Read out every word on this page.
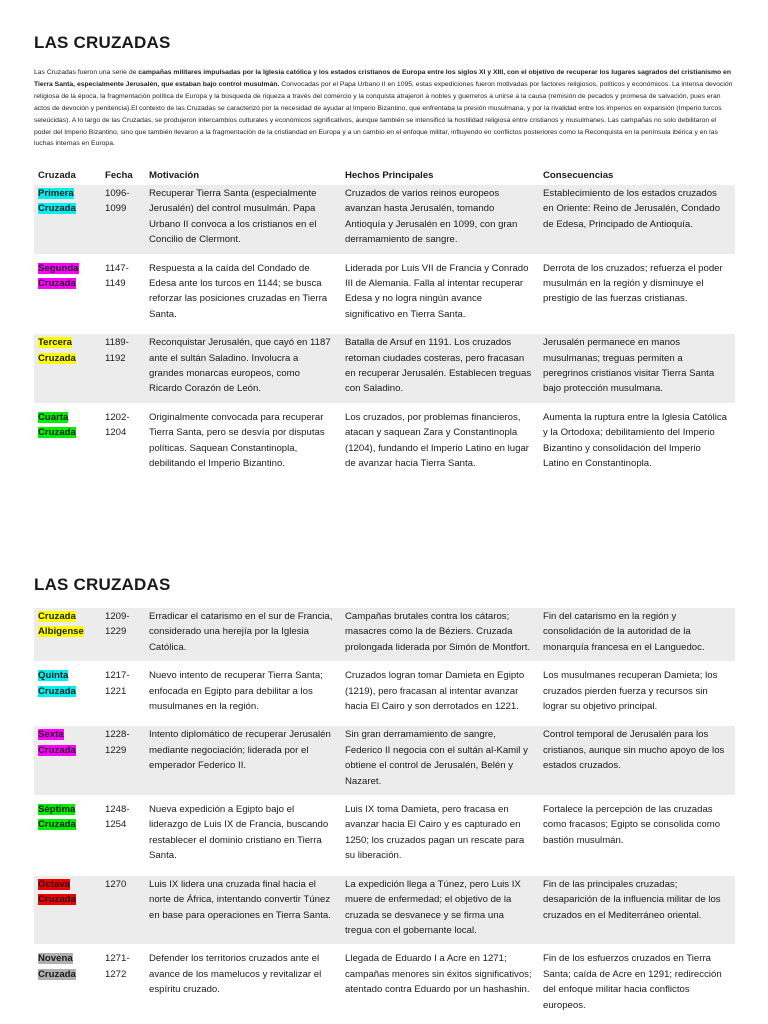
LAS CRUZADAS
Las Cruzadas fueron una serie de campañas militares impulsadas por la Iglesia católica y los estados cristianos de Europa entre los siglos XI y XIII, con el objetivo de recuperar los lugares sagrados del cristianismo en Tierra Santa, especialmente Jerusalén, que estaban bajo control musulmán. Convocadas por el Papa Urbano II en 1095, estas expediciones fueron motivadas por factores religiosos, políticos y económicos. La intensa devoción religiosa de la época, la fragmentación política de Europa y la búsqueda de riqueza a través del comercio y la conquista atrajeron a nobles y guerreros a unirse a la causa (remisión de pecados y promesa de salvación, pues eran actos de devoción y penitencia).El contexto de las Cruzadas se caracterizó por la necesidad de ayudar al Imperio Bizantino, que enfrentaba la presión musulmana, y por la rivalidad entre los imperios en expansión (Imperio turcos seleúcidas). A lo largo de las Cruzadas, se produjeron intercambios culturales y económicos significativos, aunque también se intensificó la hostilidad religiosa entre cristianos y musulmanes. Las campañas no solo debilitaron el poder del Imperio Bizantino, sino que también llevaron a la fragmentación de la cristiandad en Europa y a un cambio en el enfoque militar, influyendo en conflictos posteriores como la Reconquista en la península ibérica y en las luchas internas en Europa.
Cruzada	Fecha	Motivación	Hechos Principales	Consecuencias
Primera
Cruzada	1096-
1099	Recuperar Tierra Santa (especialmente Jerusalén) del control musulmán. Papa Urbano II convoca a los cristianos en el Concilio de Clermont.	Cruzados de varios reinos europeos avanzan hasta Jerusalén, tomando Antioquía y Jerusalén en 1099, con gran derramamiento de sangre.	Establecimiento de los estados cruzados en Oriente: Reino de Jerusalén, Condado de Edesa, Principado de Antioquía.

Segunda
Cruzada	1147-
1149	Respuesta a la caída del Condado de Edesa ante los turcos en 1144; se busca reforzar las posiciones cruzadas en Tierra Santa.	Liderada por Luis VII de Francia y Conrado III de Alemania. Falla al intentar recuperar Edesa y no logra ningún avance significativo en Tierra Santa.	Derrota de los cruzados; refuerza el poder musulmán en la región y disminuye el prestigio de las fuerzas cristianas.

Tercera
Cruzada	1189-
1192	Reconquistar Jerusalén, que cayó en 1187 ante el sultán Saladino. Involucra a grandes monarcas europeos, como Ricardo Corazón de León.	Batalla de Arsuf en 1191. Los cruzados retoman ciudades costeras, pero fracasan en recuperar Jerusalén. Establecen treguas con Saladino.	Jerusalén permanece en manos musulmanas; treguas permiten a peregrinos cristianos visitar Tierra Santa bajo protección musulmana.

Cuarta
Cruzada	1202-
1204	Originalmente convocada para recuperar Tierra Santa, pero se desvía por disputas políticas. Saquean Constantinopla, debilitando el Imperio Bizantino.	Los cruzados, por problemas financieros, atacan y saquean Zara y Constantinopla (1204), fundando el Imperio Latino en lugar de avanzar hacia Tierra Santa.	Aumenta la ruptura entre la Iglesia Católica y la Ortodoxa; debilitamiento del Imperio Bizantino y consolidación del Imperio Latino en Constantinopla.
LAS CRUZADAS
Cruzada
Albigense	1209-
1229	Erradicar el catarismo en el sur de Francia, considerado una herejía por la Iglesia Católica.	Campañas brutales contra los cátaros; masacres como la de Béziers. Cruzada prolongada liderada por Simón de Montfort.	Fin del catarismo en la región y consolidación de la autoridad de la monarquía francesa en el Languedoc.

Quinta
Cruzada	1217-
1221	Nuevo intento de recuperar Tierra Santa; enfocada en Egipto para debilitar a los musulmanes en la región.	Cruzados logran tomar Damieta en Egipto (1219), pero fracasan al intentar avanzar hacia El Cairo y son derrotados en 1221.	Los musulmanes recuperan Damieta; los cruzados pierden fuerza y recursos sin lograr su objetivo principal.

Sexta
Cruzada	1228-
1229	Intento diplomático de recuperar Jerusalén mediante negociación; liderada por el emperador Federico II.	Sin gran derramamiento de sangre, Federico II negocia con el sultán al-Kamil y obtiene el control de Jerusalén, Belén y Nazaret.	Control temporal de Jerusalén para los cristianos, aunque sin mucho apoyo de los estados cruzados.

Séptima
Cruzada	1248-
1254	Nueva expedición a Egipto bajo el liderazgo de Luis IX de Francia, buscando restablecer el dominio cristiano en Tierra Santa.	Luis IX toma Damieta, pero fracasa en avanzar hacia El Cairo y es capturado en 1250; los cruzados pagan un rescate para su liberación.	Fortalece la percepción de las cruzadas como fracasos; Egipto se consolida como bastión musulmán.

Octava
Cruzada	1270	Luis IX lidera una cruzada final hacia el norte de África, intentando convertir Túnez en base para operaciones en Tierra Santa.	La expedición llega a Túnez, pero Luis IX muere de enfermedad; el objetivo de la cruzada se desvanece y se firma una tregua con el gobernante local.	Fin de las principales cruzadas; desaparición de la influencia militar de los cruzados en el Mediterráneo oriental.

Novena
Cruzada	1271-
1272	Defender los territorios cruzados ante el avance de los mamelucos y revitalizar el espíritu cruzado.	Llegada de Eduardo I a Acre en 1271; campañas menores sin éxitos significativos; atentado contra Eduardo por un hashashin.	Fin de los esfuerzos cruzados en Tierra Santa; caída de Acre en 1291; redirección del enfoque militar hacia conflictos europeos.
